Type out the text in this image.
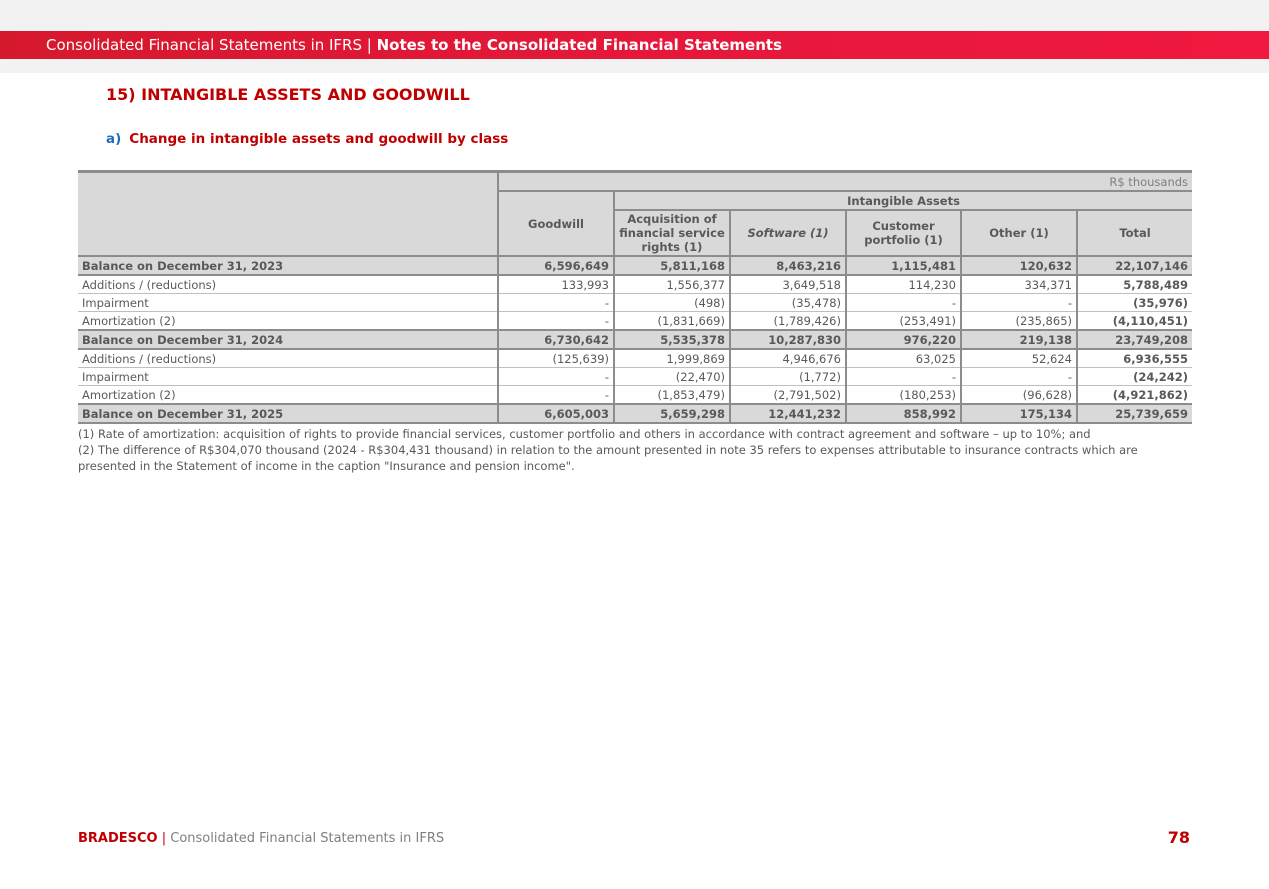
Consolidated Financial Statements in IFRS | Notes to the Consolidated Financial Statements
15) INTANGIBLE ASSETS AND GOODWILL
a) Change in intangible assets and goodwill by class
	R$ thousands					
	Goodwill	Intangible Assets				
		Acquisition of financial service rights (1)	Software (1)	Customer portfolio (1)	Other (1)	Total
Balance on December 31, 2023	6,596,649	5,811,168	8,463,216	1,115,481	120,632	22,107,146
Additions / (reductions)	133,993	1,556,377	3,649,518	114,230	334,371	5,788,489
Impairment	-	(498)	(35,478)	-	-	(35,976)
Amortization (2)	-	(1,831,669)	(1,789,426)	(253,491)	(235,865)	(4,110,451)
Balance on December 31, 2024	6,730,642	5,535,378	10,287,830	976,220	219,138	23,749,208
Additions / (reductions)	(125,639)	1,999,869	4,946,676	63,025	52,624	6,936,555
Impairment	-	(22,470)	(1,772)	-	-	(24,242)
Amortization (2)	-	(1,853,479)	(2,791,502)	(180,253)	(96,628)	(4,921,862)
Balance on December 31, 2025	6,605,003	5,659,298	12,441,232	858,992	175,134	25,739,659

(1) Rate of amortization: acquisition of rights to provide financial services, customer portfolio and others in accordance with contract agreement and software – up to 10%; and

(2) The difference of R$304,070 thousand (2024 - R$304,431 thousand) in relation to the amount presented in note 35 refers to expenses attributable to insurance contracts which are presented in the Statement of income in the caption "Insurance and pension income".

BRADESCO | Consolidated Financial Statements in IFRS	78
